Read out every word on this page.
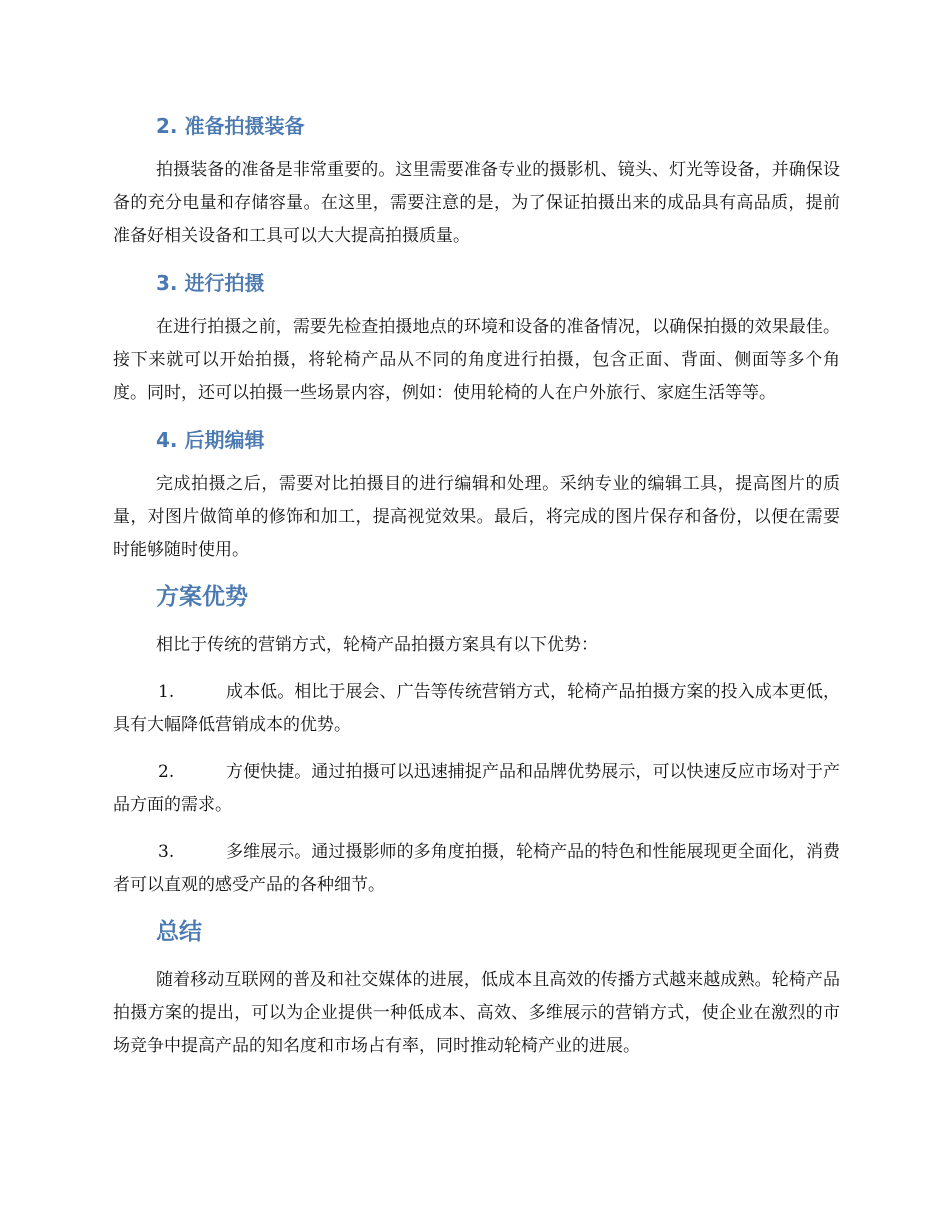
2. 准备拍摄装备

拍摄装备的准备是非常重要的。这里需要准备专业的摄影机、镜头、灯光等设备，并确保设备的充分电量和存储容量。在这里，需要注意的是，为了保证拍摄出来的成品具有高品质，提前准备好相关设备和工具可以大大提高拍摄质量。

3. 进行拍摄

在进行拍摄之前，需要先检查拍摄地点的环境和设备的准备情况，以确保拍摄的效果最佳。接下来就可以开始拍摄，将轮椅产品从不同的角度进行拍摄，包含正面、背面、侧面等多个角度。同时，还可以拍摄一些场景内容，例如：使用轮椅的人在户外旅行、家庭生活等等。

4. 后期编辑

完成拍摄之后，需要对比拍摄目的进行编辑和处理。采纳专业的编辑工具，提高图片的质量，对图片做简单的修饰和加工，提高视觉效果。最后，将完成的图片保存和备份，以便在需要时能够随时使用。

方案优势

相比于传统的营销方式，轮椅产品拍摄方案具有以下优势：

1.	成本低。相比于展会、广告等传统营销方式，轮椅产品拍摄方案的投入成本更低，具有大幅降低营销成本的优势。

2.	方便快捷。通过拍摄可以迅速捕捉产品和品牌优势展示，可以快速反应市场对于产品方面的需求。

3.	多维展示。通过摄影师的多角度拍摄，轮椅产品的特色和性能展现更全面化，消费者可以直观的感受产品的各种细节。

总结

随着移动互联网的普及和社交媒体的进展，低成本且高效的传播方式越来越成熟。轮椅产品拍摄方案的提出，可以为企业提供一种低成本、高效、多维展示的营销方式，使企业在激烈的市场竞争中提高产品的知名度和市场占有率，同时推动轮椅产业的进展。
